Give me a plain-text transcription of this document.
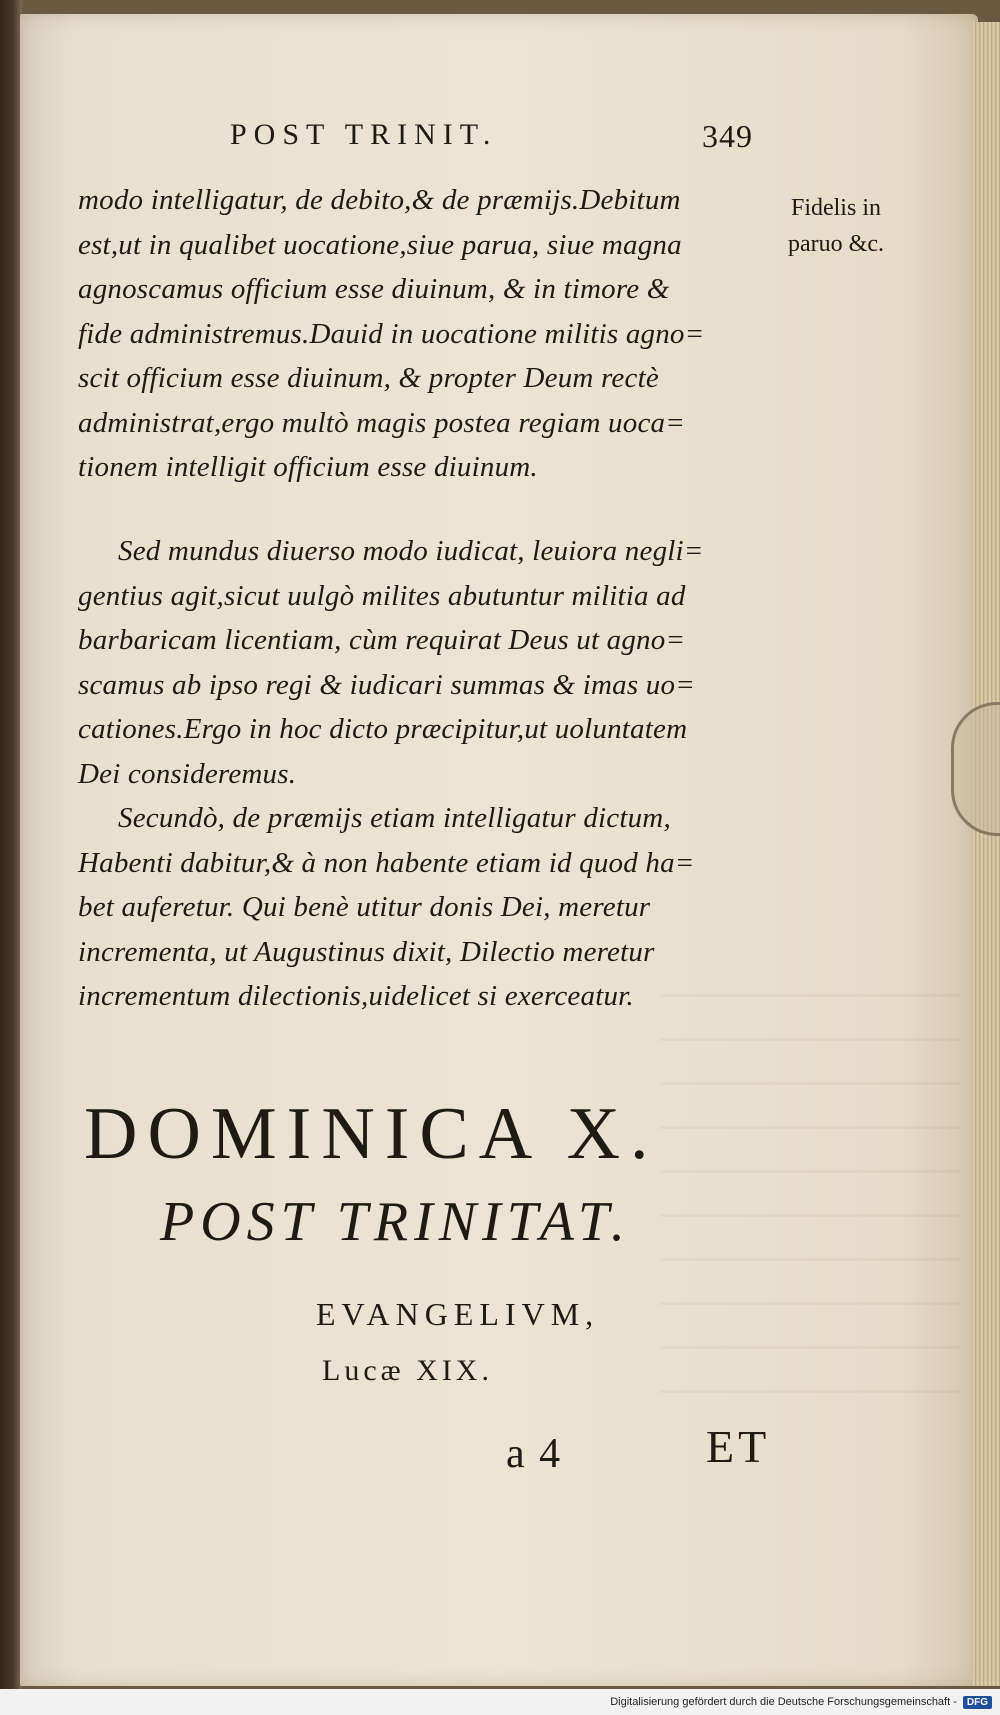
POST TRINIT.	349
Fidelis in
paruo &c.
modo intelligatur, de debito,& de præmijs.Debitum
est,ut in qualibet uocatione,siue parua, siue magna
agnoscamus officium esse diuinum, & in timore &
fide administremus.Dauid in uocatione militis agno=
scit officium esse diuinum, & propter Deum rectè
administrat,ergo multò magis postea regiam uoca=
tionem intelligit officium esse diuinum.
Sed mundus diuerso modo iudicat, leuiora negli=
gentius agit,sicut uulgò milites abutuntur militia ad
barbaricam licentiam, cùm requirat Deus ut agno=
scamus ab ipso regi & iudicari summas & imas uo=
cationes.Ergo in hoc dicto præcipitur,ut uoluntatem
Dei consideremus.
Secundò, de præmijs etiam intelligatur dictum,
Habenti dabitur,& à non habente etiam id quod ha=
bet auferetur. Qui benè utitur donis Dei, meretur
incrementa, ut Augustinus dixit, Dilectio meretur
incrementum dilectionis,uidelicet si exerceatur.
DOMINICA X.
POST TRINITAT.
EVANGELIVM,
Lucæ XIX.
a 4	ET
Digitalisierung gefördert durch die Deutsche Forschungsgemeinschaft -	DFG
